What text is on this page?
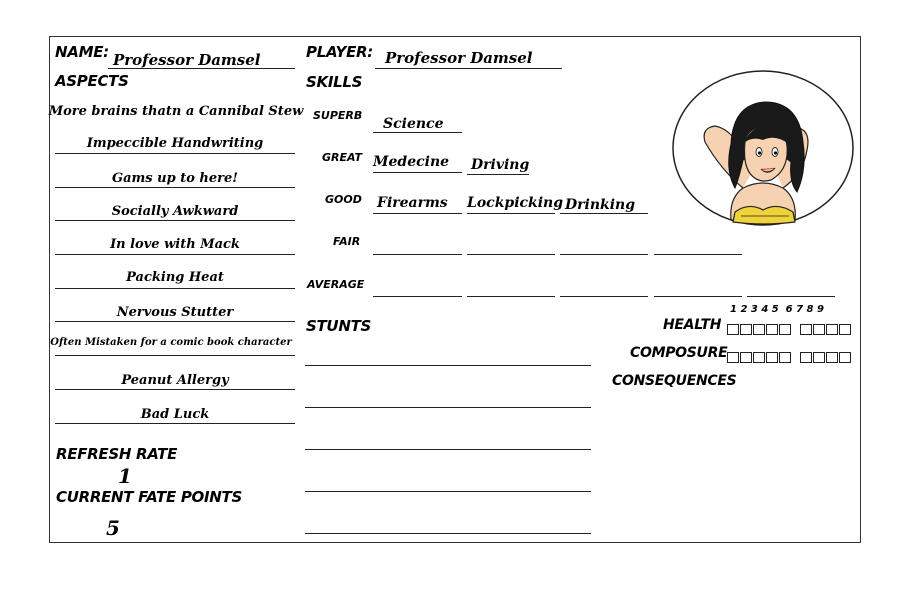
NAME: Professor Damsel	PLAYER: Professor Damsel
ASPECTS
More brains thatn a Cannibal Stew
Impeccible Handwriting
Gams up to here!
Socially Awkward
In love with Mack
Packing Heat
Nervous Stutter
Often Mistaken for a comic book character
Peanut Allergy
Bad Luck
REFRESH RATE
1
CURRENT FATE POINTS
5
SKILLS
SUPERB
Science
GREAT Medecine Driving
GOOD Firearms Lockpicking Drinking
FAIR
AVERAGE
STUNTS
1 2 3 4 5  6 7 8 9
HEALTH
COMPOSURE
CONSEQUENCES
